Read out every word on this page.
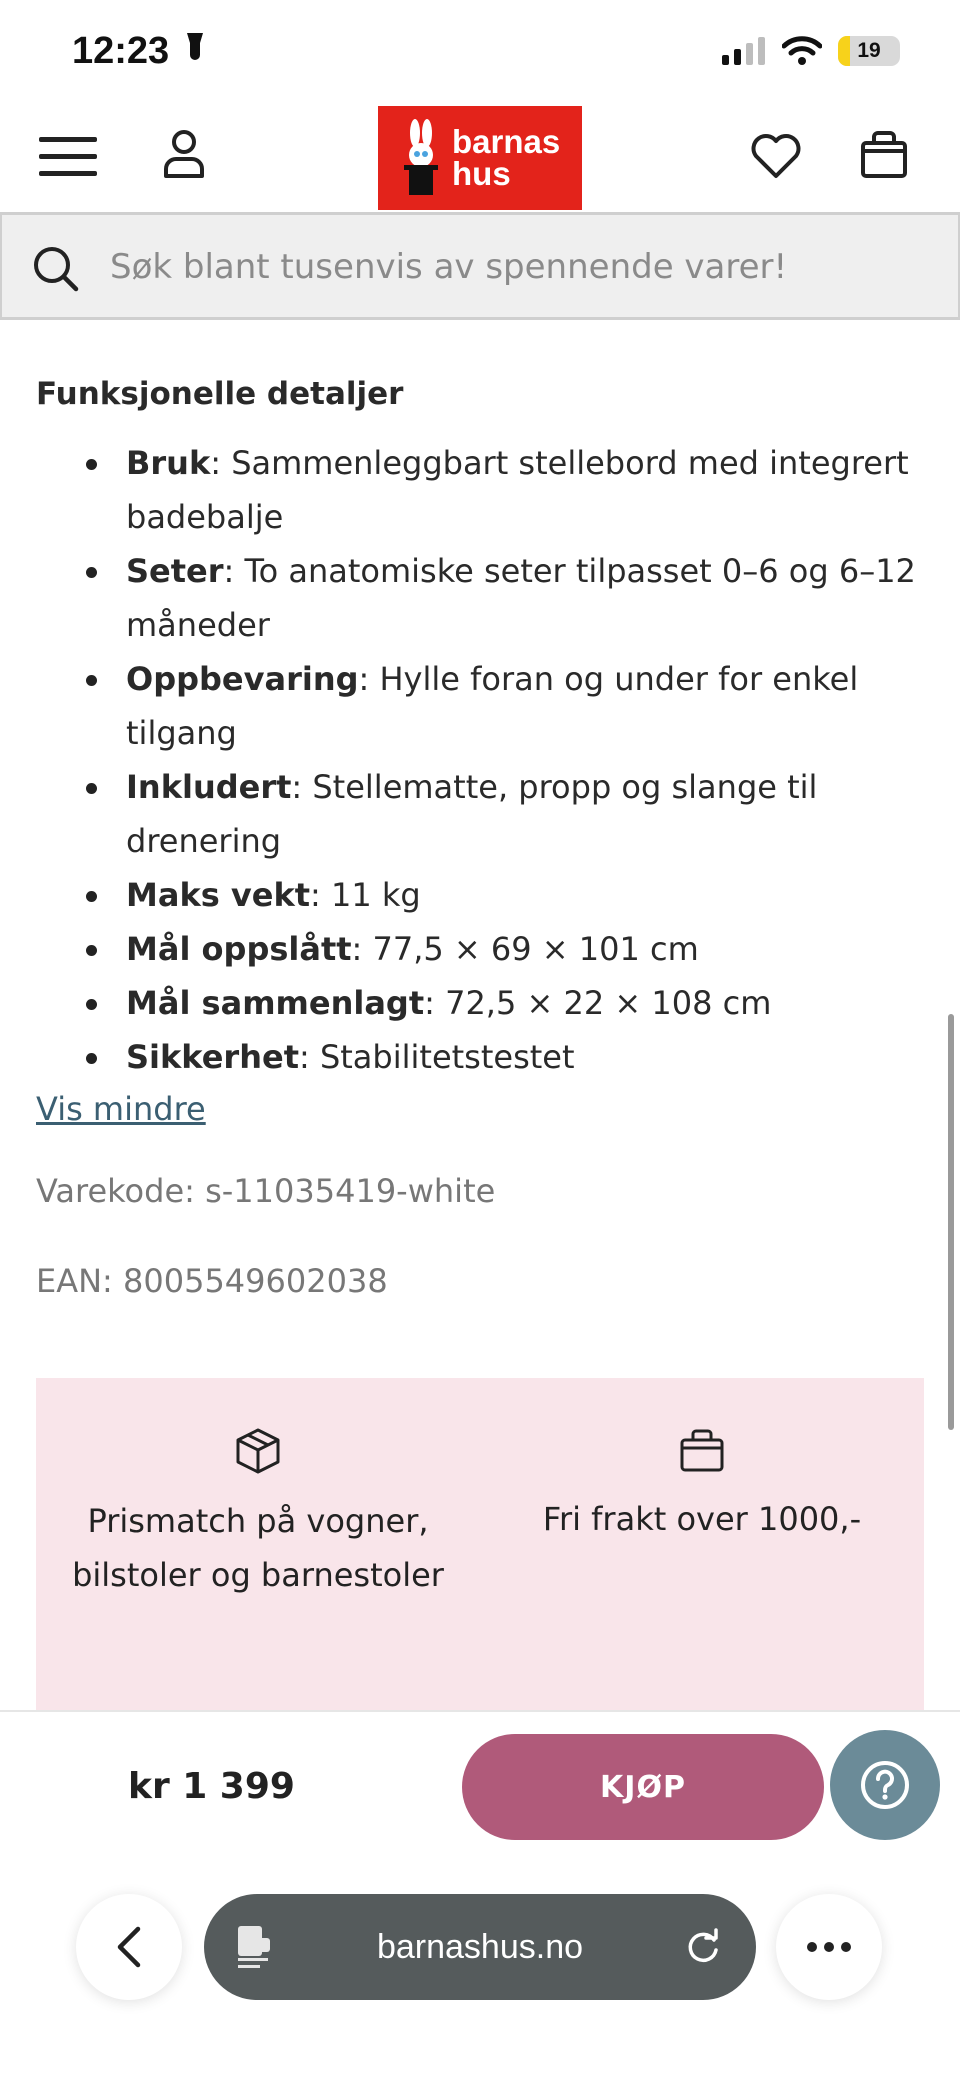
12:23	19
barnas
hus
Søk blant tusenvis av spennende varer!
Funksjonelle detaljer
Bruk: Sammenleggbart stellebord med integrert badebalje
Seter: To anatomiske seter tilpasset 0–6 og 6–12 måneder
Oppbevaring: Hylle foran og under for enkel tilgang
Inkludert: Stellematte, propp og slange til drenering
Maks vekt: 11 kg
Mål oppslått: 77,5 × 69 × 101 cm
Mål sammenlagt: 72,5 × 22 × 108 cm
Sikkerhet: Stabilitetstestet
Vis mindre
Varekode: s-11035419-white
EAN: 8005549602038
Prismatch på vogner, bilstoler og barnestoler
Fri frakt over 1000,-
kr 1 399	KJØP
barnashus.no
